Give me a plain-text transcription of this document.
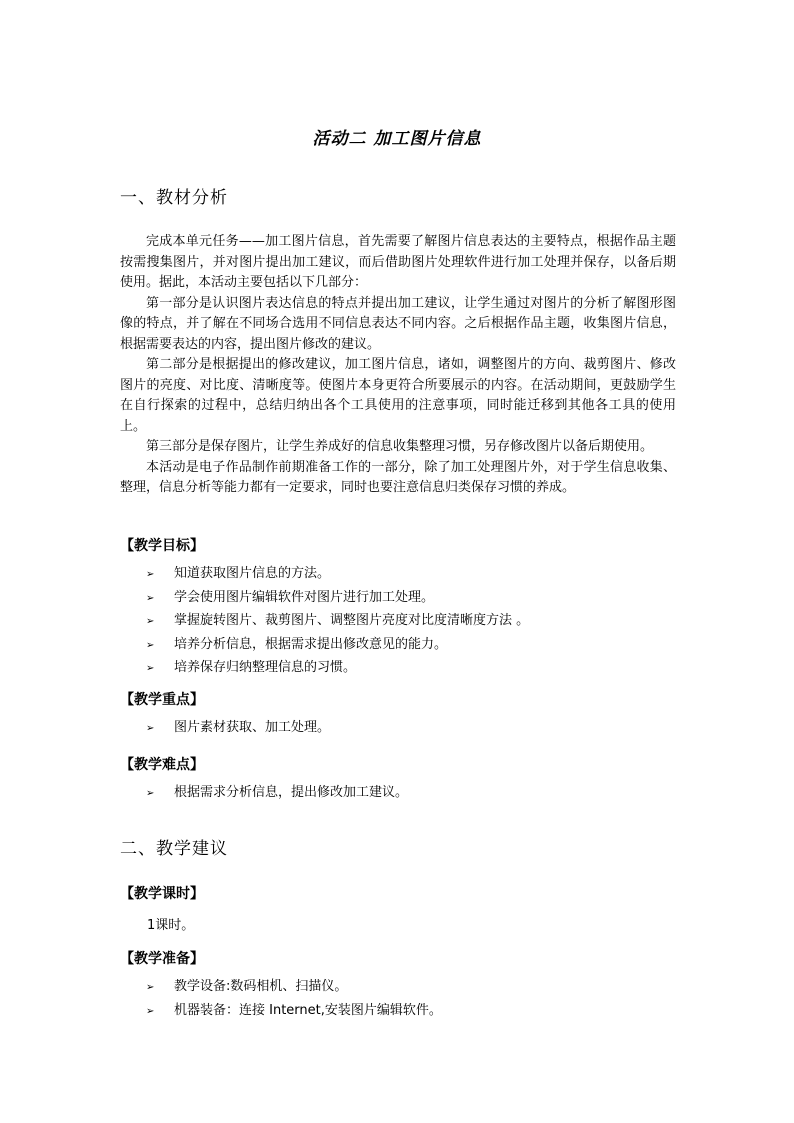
活动二 加工图片信息
一、教材分析

完成本单元任务——加工图片信息，首先需要了解图片信息表达的主要特点，根据作品主题按需搜集图片，并对图片提出加工建议，而后借助图片处理软件进行加工处理并保存，以备后期使用。据此，本活动主要包括以下几部分：

第一部分是认识图片表达信息的特点并提出加工建议，让学生通过对图片的分析了解图形图像的特点，并了解在不同场合选用不同信息表达不同内容。之后根据作品主题，收集图片信息，根据需要表达的内容，提出图片修改的建议。

第二部分是根据提出的修改建议，加工图片信息，诸如，调整图片的方向、裁剪图片、修改图片的亮度、对比度、清晰度等。使图片本身更符合所要展示的内容。在活动期间，更鼓励学生在自行探索的过程中，总结归纳出各个工具使用的注意事项，同时能迁移到其他各工具的使用上。

第三部分是保存图片，让学生养成好的信息收集整理习惯，另存修改图片以备后期使用。

本活动是电子作品制作前期准备工作的一部分，除了加工处理图片外，对于学生信息收集、整理，信息分析等能力都有一定要求，同时也要注意信息归类保存习惯的养成。

【教学目标】
➢ 知道获取图片信息的方法。
➢ 学会使用图片编辑软件对图片进行加工处理。
➢ 掌握旋转图片、裁剪图片、调整图片亮度对比度清晰度方法 。
➢ 培养分析信息，根据需求提出修改意见的能力。
➢ 培养保存归纳整理信息的习惯。
【教学重点】
➢ 图片素材获取、加工处理。
【教学难点】
➢ 根据需求分析信息，提出修改加工建议。
二、教学建议
【教学课时】
1课时。
【教学准备】
➢ 教学设备:数码相机、扫描仪。
➢ 机器装备：连接 Internet,安装图片编辑软件。
